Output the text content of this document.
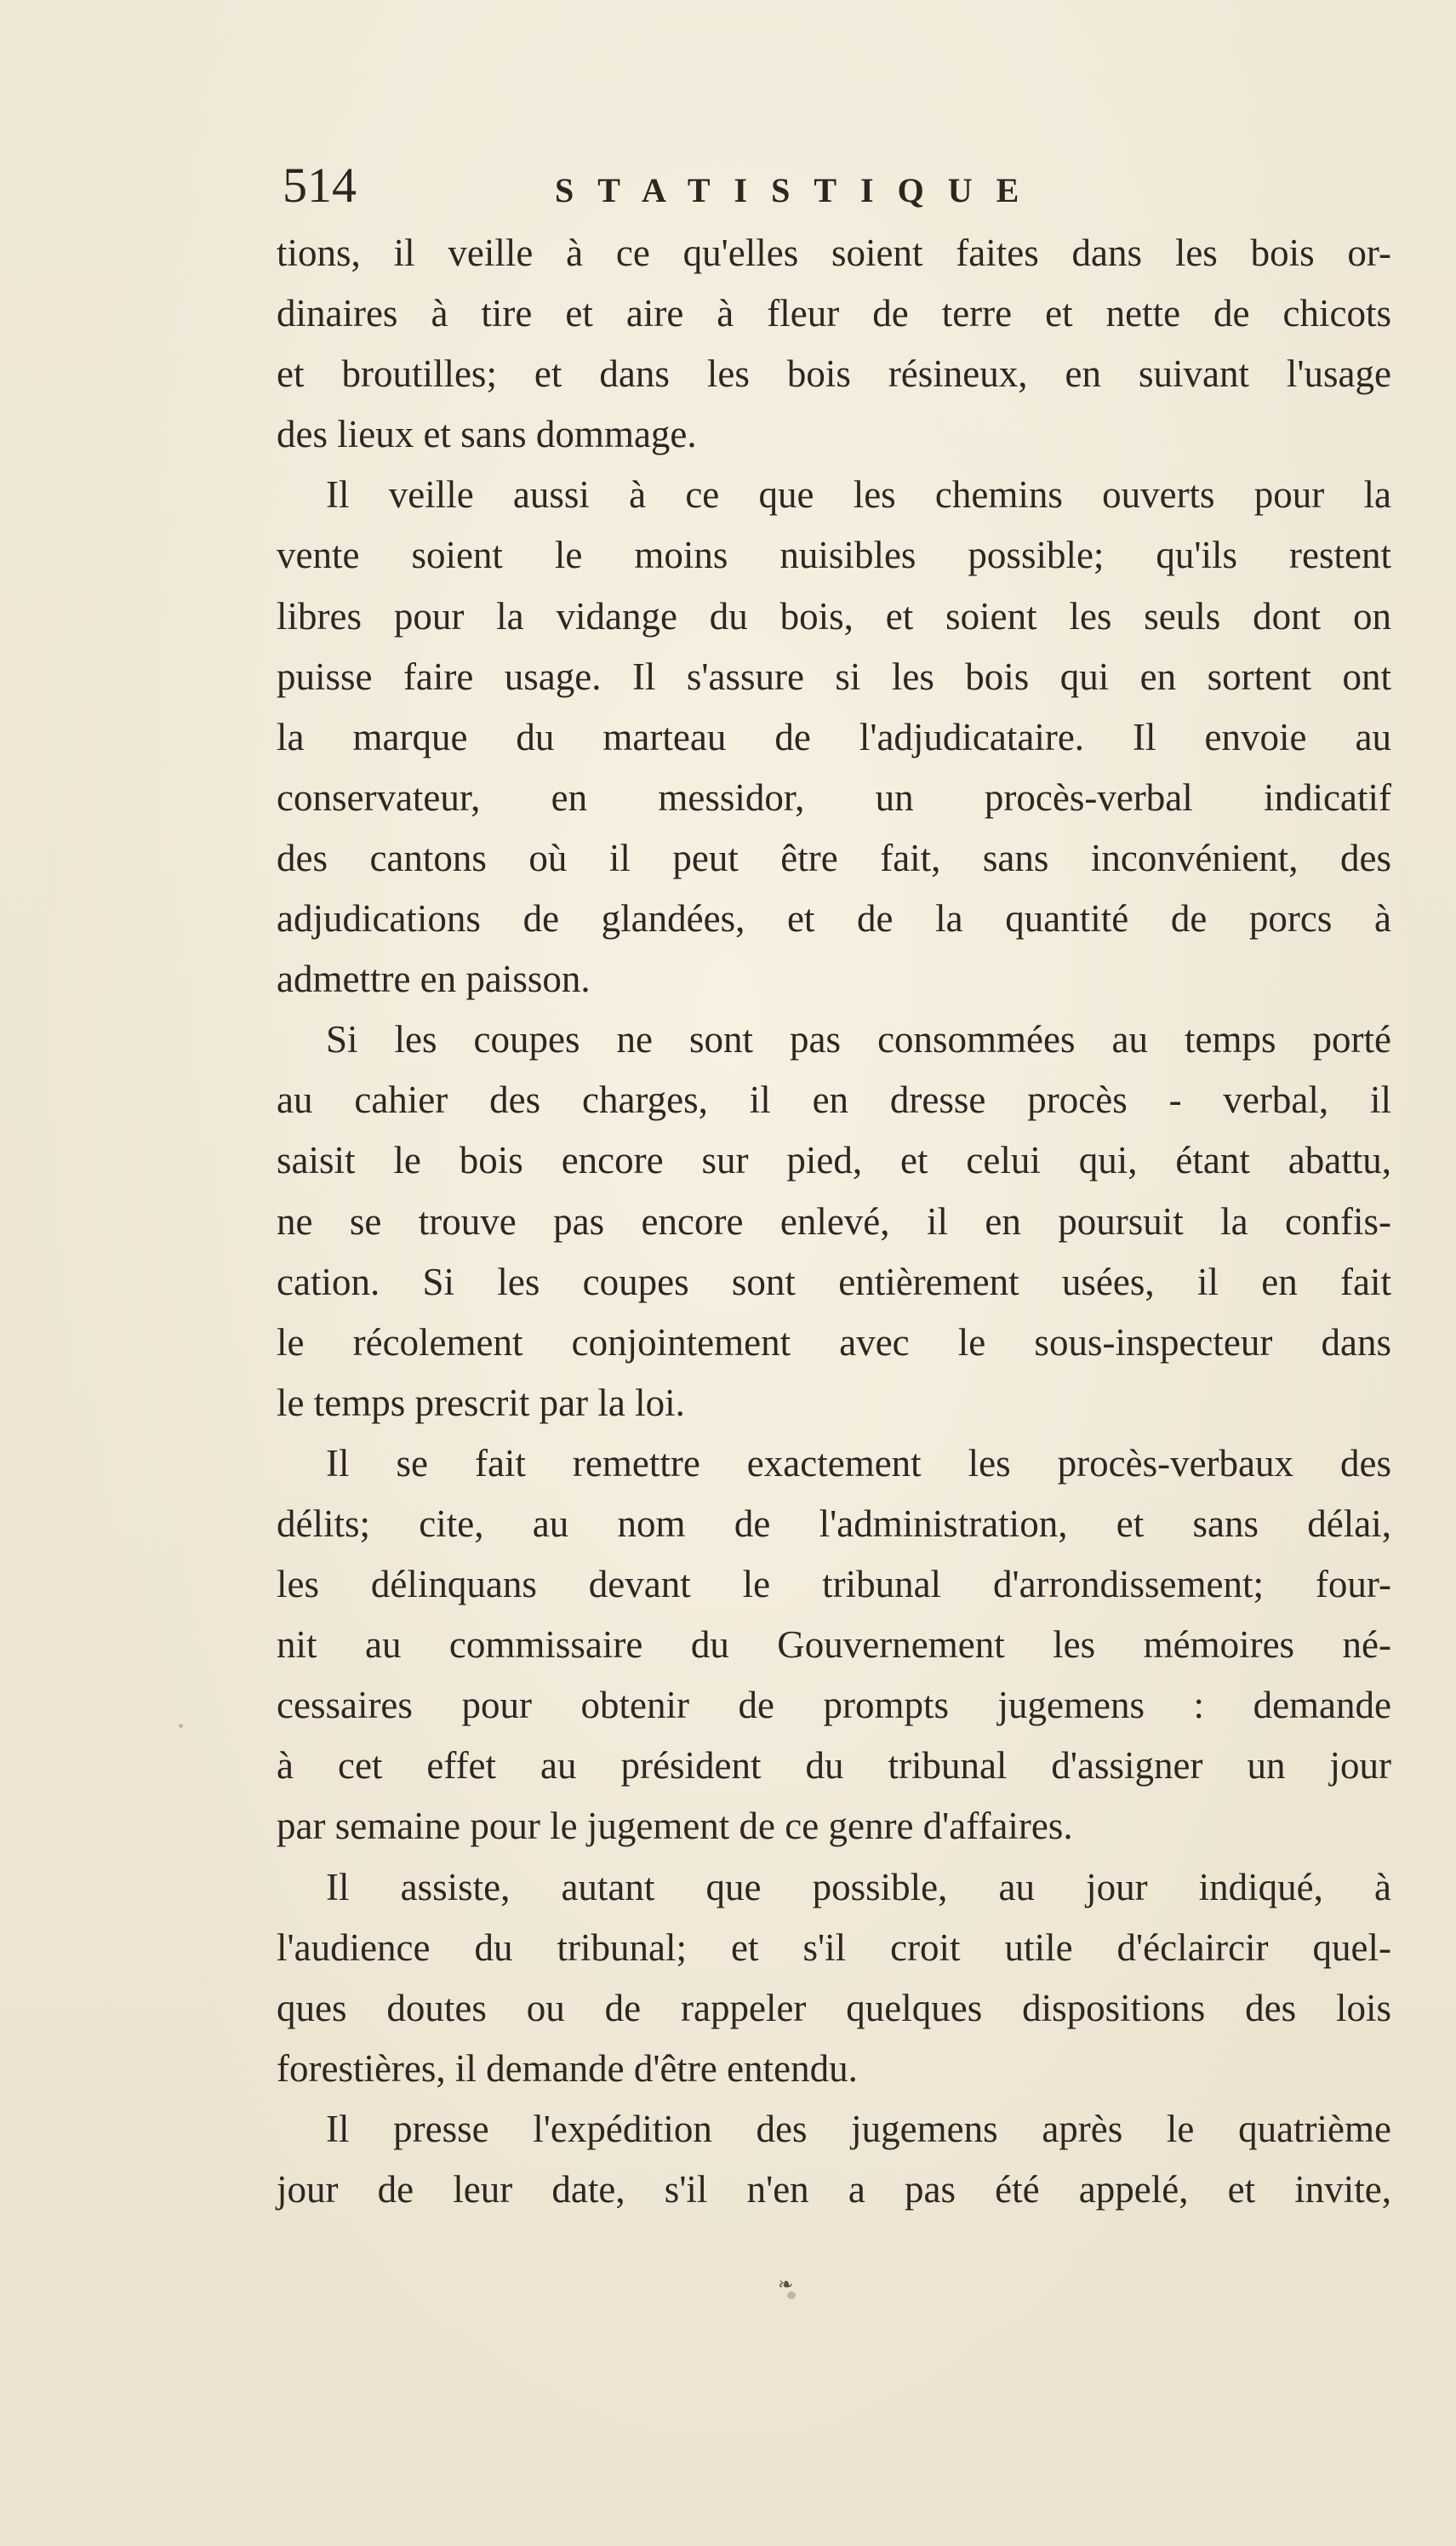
514	STATISTIQUE
tions, il veille à ce qu'elles soient faites dans les bois or-
dinaires à tire et aire à fleur de terre et nette de chicots
et broutilles; et dans les bois résineux, en suivant l'usage
des lieux et sans dommage.
Il veille aussi à ce que les chemins ouverts pour la
vente soient le moins nuisibles possible; qu'ils restent
libres pour la vidange du bois, et soient les seuls dont on
puisse faire usage. Il s'assure si les bois qui en sortent ont
la marque du marteau de l'adjudicataire. Il envoie au
conservateur, en messidor, un procès-verbal indicatif
des cantons où il peut être fait, sans inconvénient, des
adjudications de glandées, et de la quantité de porcs à
admettre en paisson.
Si les coupes ne sont pas consommées au temps porté
au cahier des charges, il en dresse procès - verbal, il
saisit le bois encore sur pied, et celui qui, étant abattu,
ne se trouve pas encore enlevé, il en poursuit la confis-
cation. Si les coupes sont entièrement usées, il en fait
le récolement conjointement avec le sous-inspecteur dans
le temps prescrit par la loi.
Il se fait remettre exactement les procès-verbaux des
délits; cite, au nom de l'administration, et sans délai,
les délinquans devant le tribunal d'arrondissement; four-
nit au commissaire du Gouvernement les mémoires né-
cessaires pour obtenir de prompts jugemens : demande
à cet effet au président du tribunal d'assigner un jour
par semaine pour le jugement de ce genre d'affaires.
Il assiste, autant que possible, au jour indiqué, à
l'audience du tribunal; et s'il croit utile d'éclaircir quel-
ques doutes ou de rappeler quelques dispositions des lois
forestières, il demande d'être entendu.
Il presse l'expédition des jugemens après le quatrième
jour de leur date, s'il n'en a pas été appelé, et invite,
❧
